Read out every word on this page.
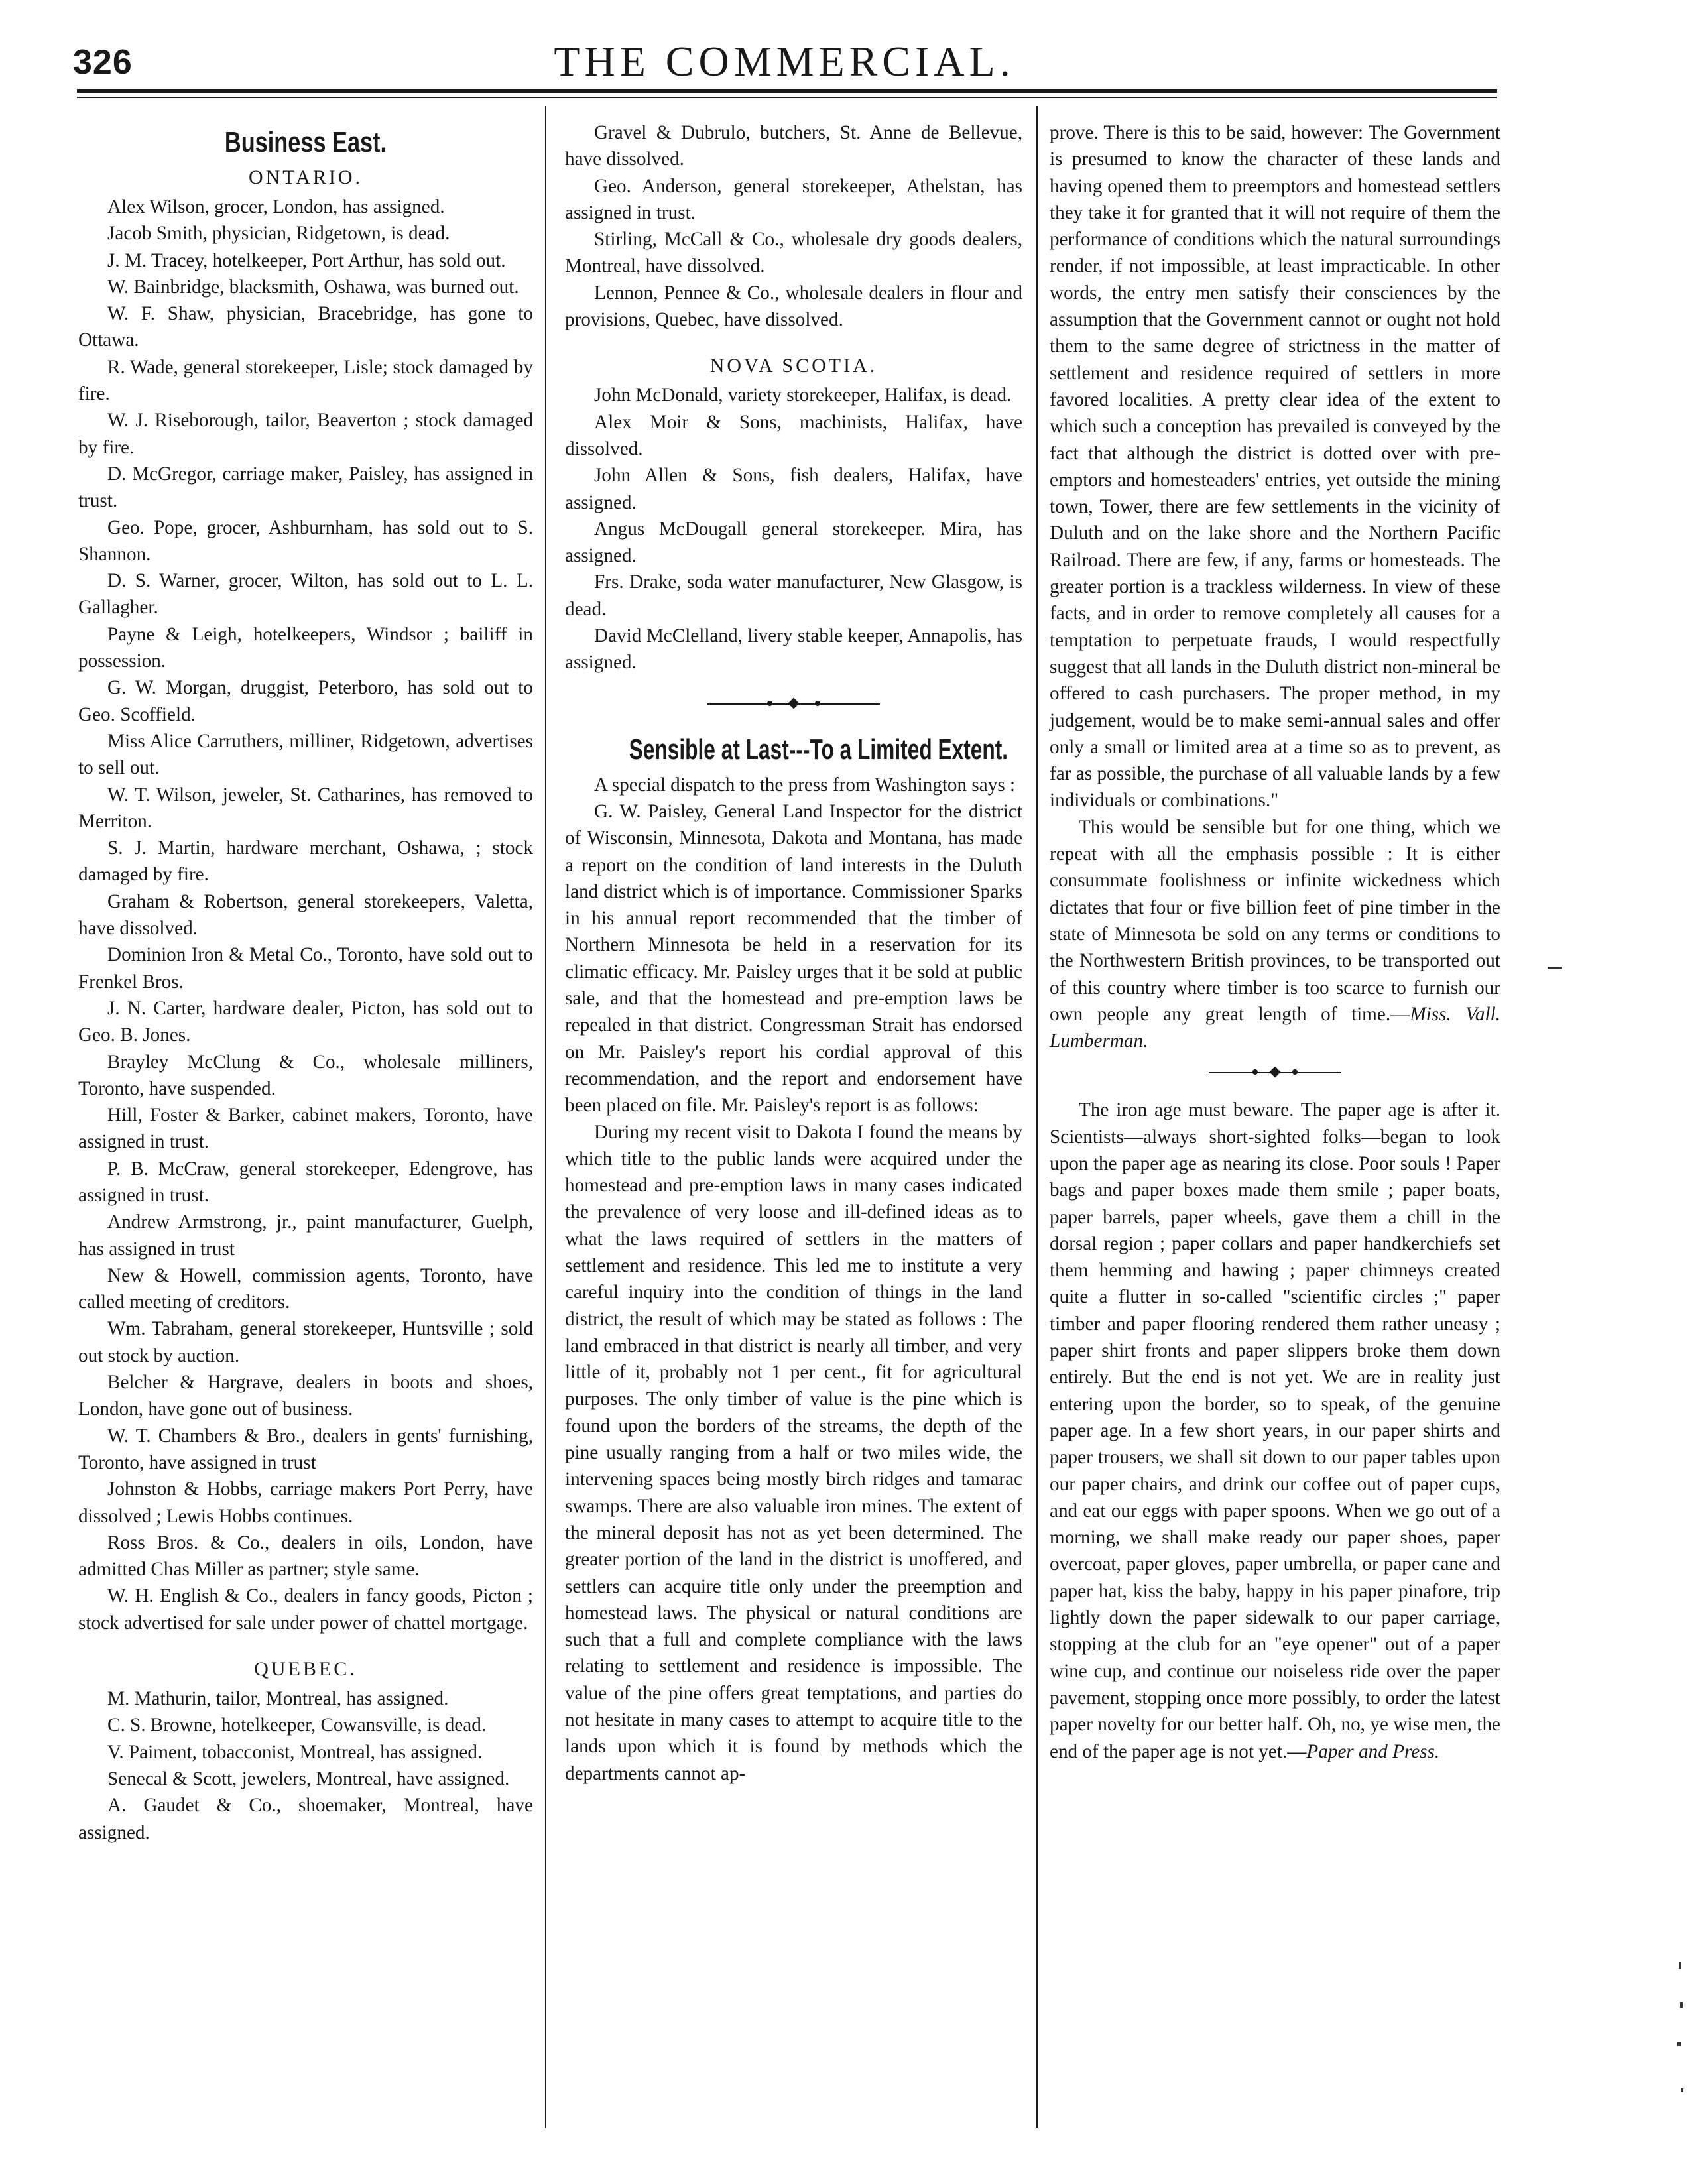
326	THE COMMERCIAL.
Business East.
ONTARIO.

Alex Wilson, grocer, London, has assigned.

Jacob Smith, physician, Ridgetown, is dead.

J. M. Tracey, hotelkeeper, Port Arthur, has sold out.

W. Bainbridge, blacksmith, Oshawa, was burned out.

W. F. Shaw, physician, Bracebridge, has gone to Ottawa.

R. Wade, general storekeeper, Lisle; stock damaged by fire.

W. J. Riseborough, tailor, Beaverton ; stock damaged by fire.

D. McGregor, carriage maker, Paisley, has assigned in trust.

Geo. Pope, grocer, Ashburnham, has sold out to S. Shannon.

D. S. Warner, grocer, Wilton, has sold out to L. L. Gallagher.

Payne & Leigh, hotelkeepers, Windsor ; bailiff in possession.

G. W. Morgan, druggist, Peterboro, has sold out to Geo. Scoffield.

Miss Alice Carruthers, milliner, Ridgetown, advertises to sell out.

W. T. Wilson, jeweler, St. Catharines, has removed to Merriton.

S. J. Martin, hardware merchant, Oshawa, ; stock damaged by fire.

Graham & Robertson, general storekeepers, Valetta, have dissolved.

Dominion Iron & Metal Co., Toronto, have sold out to Frenkel Bros.

J. N. Carter, hardware dealer, Picton, has sold out to Geo. B. Jones.

Brayley McClung & Co., wholesale milliners, Toronto, have suspended.

Hill, Foster & Barker, cabinet makers, Toronto, have assigned in trust.

P. B. McCraw, general storekeeper, Edengrove, has assigned in trust.

Andrew Armstrong, jr., paint manufacturer, Guelph, has assigned in trust

New & Howell, commission agents, Toronto, have called meeting of creditors.

Wm. Tabraham, general storekeeper, Huntsville ; sold out stock by auction.

Belcher & Hargrave, dealers in boots and shoes, London, have gone out of business.

W. T. Chambers & Bro., dealers in gents' furnishing, Toronto, have assigned in trust

Johnston & Hobbs, carriage makers Port Perry, have dissolved ; Lewis Hobbs continues.

Ross Bros. & Co., dealers in oils, London, have admitted Chas Miller as partner; style same.

W. H. English & Co., dealers in fancy goods, Picton ; stock advertised for sale under power of chattel mortgage.

QUEBEC.

M. Mathurin, tailor, Montreal, has assigned.

C. S. Browne, hotelkeeper, Cowansville, is dead.

V. Paiment, tobacconist, Montreal, has assigned.

Senecal & Scott, jewelers, Montreal, have assigned.

A. Gaudet & Co., shoemaker, Montreal, have assigned.

Gravel & Dubrulo, butchers, St. Anne de Bellevue, have dissolved.

Geo. Anderson, general storekeeper, Athelstan, has assigned in trust.

Stirling, McCall & Co., wholesale dry goods dealers, Montreal, have dissolved.

Lennon, Pennee & Co., wholesale dealers in flour and provisions, Quebec, have dissolved.

NOVA SCOTIA.

John McDonald, variety storekeeper, Halifax, is dead.

Alex Moir & Sons, machinists, Halifax, have dissolved.

John Allen & Sons, fish dealers, Halifax, have assigned.

Angus McDougall general storekeeper. Mira, has assigned.

Frs. Drake, soda water manufacturer, New Glasgow, is dead.

David McClelland, livery stable keeper, Annapolis, has assigned.

Sensible at Last---To a Limited Extent.

A special dispatch to the press from Washington says :

G. W. Paisley, General Land Inspector for the district of Wisconsin, Minnesota, Dakota and Montana, has made a report on the condition of land interests in the Duluth land district which is of importance. Commissioner Sparks in his annual report recommended that the timber of Northern Minnesota be held in a reservation for its climatic efficacy. Mr. Paisley urges that it be sold at public sale, and that the homestead and pre-emption laws be repealed in that district. Congressman Strait has endorsed on Mr. Paisley's report his cordial approval of this recommendation, and the report and endorsement have been placed on file. Mr. Paisley's report is as follows:

During my recent visit to Dakota I found the means by which title to the public lands were acquired under the homestead and pre-emption laws in many cases indicated the prevalence of very loose and ill-defined ideas as to what the laws required of settlers in the matters of settlement and residence. This led me to institute a very careful inquiry into the condition of things in the land district, the result of which may be stated as follows : The land embraced in that district is nearly all timber, and very little of it, probably not 1 per cent., fit for agricultural purposes. The only timber of value is the pine which is found upon the borders of the streams, the depth of the pine usually ranging from a half or two miles wide, the intervening spaces being mostly birch ridges and tamarac swamps. There are also valuable iron mines. The extent of the mineral deposit has not as yet been determined. The greater portion of the land in the district is unoffered, and settlers can acquire title only under the preemption and homestead laws. The physical or natural conditions are such that a full and complete compliance with the laws relating to settlement and residence is impossible. The value of the pine offers great temptations, and parties do not hesitate in many cases to attempt to acquire title to the lands upon which it is found by methods which the departments cannot ap-

prove. There is this to be said, however: The Government is presumed to know the character of these lands and having opened them to preemptors and homestead settlers they take it for granted that it will not require of them the performance of conditions which the natural surroundings render, if not impossible, at least impracticable. In other words, the entry men satisfy their consciences by the assumption that the Government cannot or ought not hold them to the same degree of strictness in the matter of settlement and residence required of settlers in more favored localities. A pretty clear idea of the extent to which such a conception has prevailed is conveyed by the fact that although the district is dotted over with pre-emptors and homesteaders' entries, yet outside the mining town, Tower, there are few settlements in the vicinity of Duluth and on the lake shore and the Northern Pacific Railroad. There are few, if any, farms or homesteads. The greater portion is a trackless wilderness. In view of these facts, and in order to remove completely all causes for a temptation to perpetuate frauds, I would respectfully suggest that all lands in the Duluth district non-mineral be offered to cash purchasers. The proper method, in my judgement, would be to make semi-annual sales and offer only a small or limited area at a time so as to prevent, as far as possible, the purchase of all valuable lands by a few individuals or combinations."

This would be sensible but for one thing, which we repeat with all the emphasis possible : It is either consummate foolishness or infinite wickedness which dictates that four or five billion feet of pine timber in the state of Minnesota be sold on any terms or conditions to the Northwestern British provinces, to be transported out of this country where timber is too scarce to furnish our own people any great length of time.—Miss. Vall. Lumberman.

The iron age must beware. The paper age is after it. Scientists—always short-sighted folks—began to look upon the paper age as nearing its close. Poor souls ! Paper bags and paper boxes made them smile ; paper boats, paper barrels, paper wheels, gave them a chill in the dorsal region ; paper collars and paper handkerchiefs set them hemming and hawing ; paper chimneys created quite a flutter in so-called "scientific circles ;" paper timber and paper flooring rendered them rather uneasy ; paper shirt fronts and paper slippers broke them down entirely. But the end is not yet. We are in reality just entering upon the border, so to speak, of the genuine paper age. In a few short years, in our paper shirts and paper trousers, we shall sit down to our paper tables upon our paper chairs, and drink our coffee out of paper cups, and eat our eggs with paper spoons. When we go out of a morning, we shall make ready our paper shoes, paper overcoat, paper gloves, paper umbrella, or paper cane and paper hat, kiss the baby, happy in his paper pinafore, trip lightly down the paper sidewalk to our paper carriage, stopping at the club for an "eye opener" out of a paper wine cup, and continue our noiseless ride over the paper pavement, stopping once more possibly, to order the latest paper novelty for our better half. Oh, no, ye wise men, the end of the paper age is not yet.—Paper and Press.
